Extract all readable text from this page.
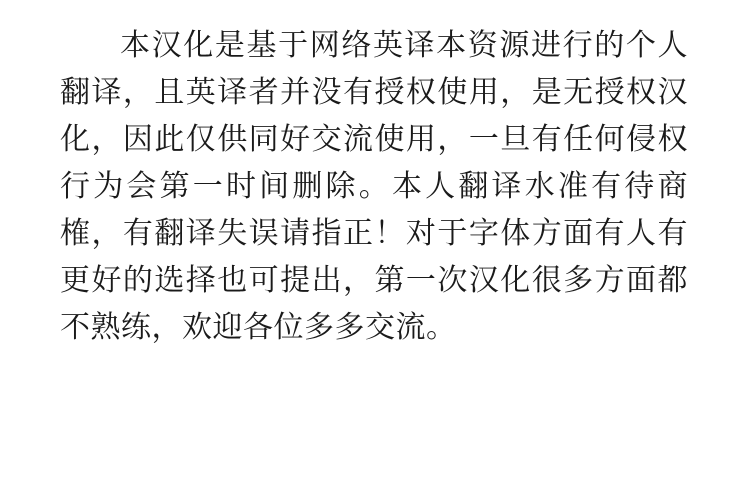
本汉化是基于网络英译本资源进行的个人翻译，且英译者并没有授权使用，是无授权汉化，因此仅供同好交流使用，一旦有任何侵权行为会第一时间删除。本人翻译水准有待商榷，有翻译失误请指正！对于字体方面有人有更好的选择也可提出，第一次汉化很多方面都不熟练，欢迎各位多多交流。
